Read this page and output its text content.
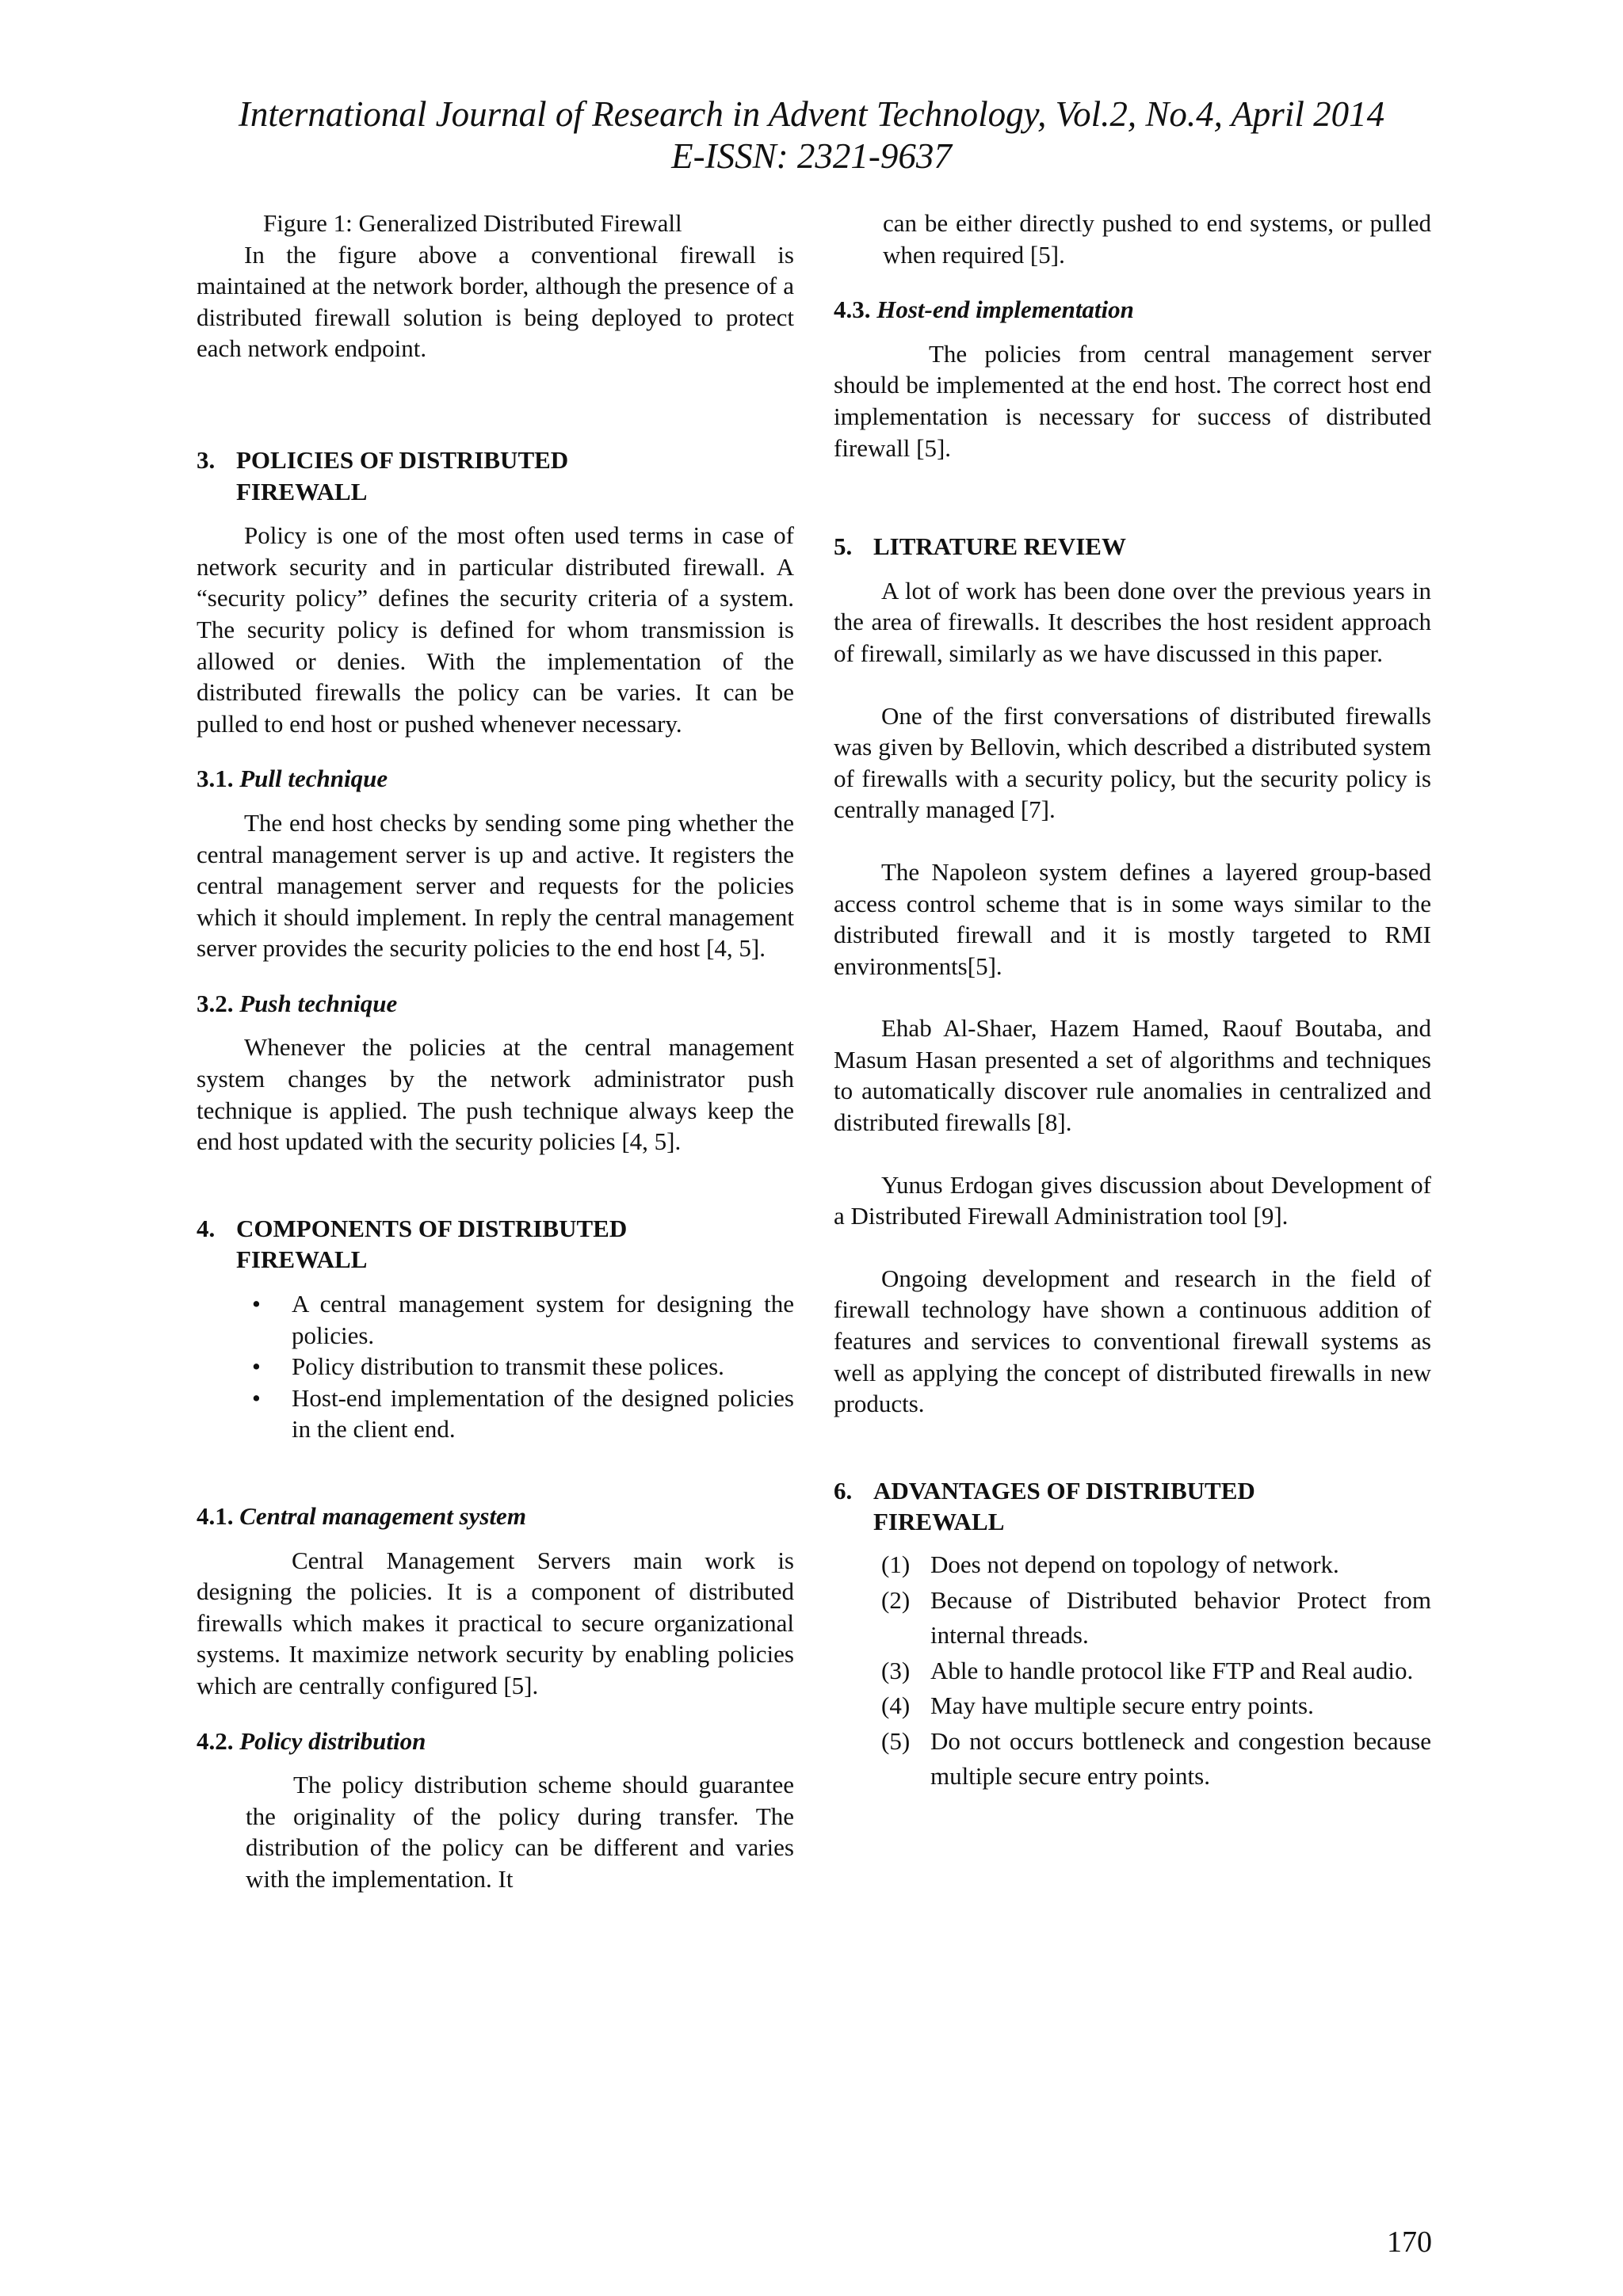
International Journal of Research in Advent Technology, Vol.2, No.4, April 2014
E-ISSN: 2321-9637

Figure 1: Generalized Distributed Firewall

In the figure above a conventional firewall is maintained at the network border, although the presence of a distributed firewall solution is being deployed to protect each network endpoint.

3. POLICIES OF DISTRIBUTED
FIREWALL

Policy is one of the most often used terms in case of network security and in particular distributed firewall. A “security policy” defines the security criteria of a system. The security policy is defined for whom transmission is allowed or denies. With the implementation of the distributed firewalls the policy can be varies. It can be pulled to end host or pushed whenever necessary.

3.1. Pull technique

The end host checks by sending some ping whether the central management server is up and active. It registers the central management server and requests for the policies which it should implement. In reply the central management server provides the security policies to the end host [4, 5].

3.2. Push technique

Whenever the policies at the central management system changes by the network administrator push technique is applied. The push technique always keep the end host updated with the security policies [4, 5].

4. COMPONENTS OF DISTRIBUTED
FIREWALL
• A central management system for designing the policies.
• Policy distribution to transmit these polices.
• Host-end implementation of the designed policies in the client end.
4.1. Central management system

Central Management Servers main work is designing the policies. It is a component of distributed firewalls which makes it practical to secure organizational systems. It maximize network security by enabling policies which are centrally configured [5].

4.2. Policy distribution

The policy distribution scheme should guarantee the originality of the policy during transfer. The distribution of the policy can be different and varies with the implementation. It

can be either directly pushed to end systems, or pulled when required [5].

4.3. Host-end implementation

The policies from central management server should be implemented at the end host. The correct host end implementation is necessary for success of distributed firewall [5].

5. LITRATURE REVIEW

A lot of work has been done over the previous years in the area of firewalls. It describes the host resident approach of firewall, similarly as we have discussed in this paper.

One of the first conversations of distributed firewalls was given by Bellovin, which described a distributed system of firewalls with a security policy, but the security policy is centrally managed [7].

The Napoleon system defines a layered group-based access control scheme that is in some ways similar to the distributed firewall and it is mostly targeted to RMI environments[5].

Ehab Al-Shaer, Hazem Hamed, Raouf Boutaba, and Masum Hasan presented a set of algorithms and techniques to automatically discover rule anomalies in centralized and distributed firewalls [8].

Yunus Erdogan gives discussion about Development of a Distributed Firewall Administration tool [9].

Ongoing development and research in the field of firewall technology have shown a continuous addition of features and services to conventional firewall systems as well as applying the concept of distributed firewalls in new products.

6. ADVANTAGES OF DISTRIBUTED
FIREWALL
(1) Does not depend on topology of network.
(2) Because of Distributed behavior Protect from internal threads.
(3) Able to handle protocol like FTP and Real audio.
(4) May have multiple secure entry points.
(5) Do not occurs bottleneck and congestion because multiple secure entry points.
170
